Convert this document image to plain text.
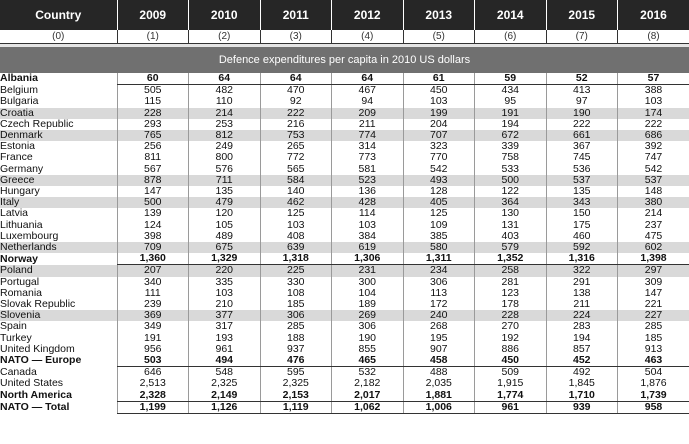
Country	2009	2010	2011	2012	2013	2014	2015	2016
(0)	(1)	(2)	(3)	(4)	(5)	(6)	(7)	(8)

Defence expenditures per capita in 2010 US dollars								
Albania	60	64	64	64	61	59	52	57
Belgium	505	482	470	467	450	434	413	388
Bulgaria	115	110	92	94	103	95	97	103
Croatia	228	214	222	209	199	191	190	174
Czech Republic	293	253	216	211	204	194	222	222
Denmark	765	812	753	774	707	672	661	686
Estonia	256	249	265	314	323	339	367	392
France	811	800	772	773	770	758	745	747
Germany	567	576	565	581	542	533	536	542
Greece	878	711	584	523	493	500	537	537
Hungary	147	135	140	136	128	122	135	148
Italy	500	479	462	428	405	364	343	380
Latvia	139	120	125	114	125	130	150	214
Lithuania	124	105	103	103	109	131	175	237
Luxembourg	398	489	408	384	385	403	460	475
Netherlands	709	675	639	619	580	579	592	602
Norway	1,360	1,329	1,318	1,306	1,311	1,352	1,316	1,398
Poland	207	220	225	231	234	258	322	297
Portugal	340	335	330	300	306	281	291	309
Romania	111	103	108	104	113	123	138	147
Slovak Republic	239	210	185	189	172	178	211	221
Slovenia	369	377	306	269	240	228	224	227
Spain	349	317	285	306	268	270	283	285
Turkey	191	193	188	190	195	192	194	185
United Kingdom	956	961	937	855	907	886	857	913
NATO — Europe	503	494	476	465	458	450	452	463
Canada	646	548	595	532	488	509	492	504
United States	2,513	2,325	2,325	2,182	2,035	1,915	1,845	1,876
North America	2,328	2,149	2,153	2,017	1,881	1,774	1,710	1,739
NATO — Total	1,199	1,126	1,119	1,062	1,006	961	939	958
